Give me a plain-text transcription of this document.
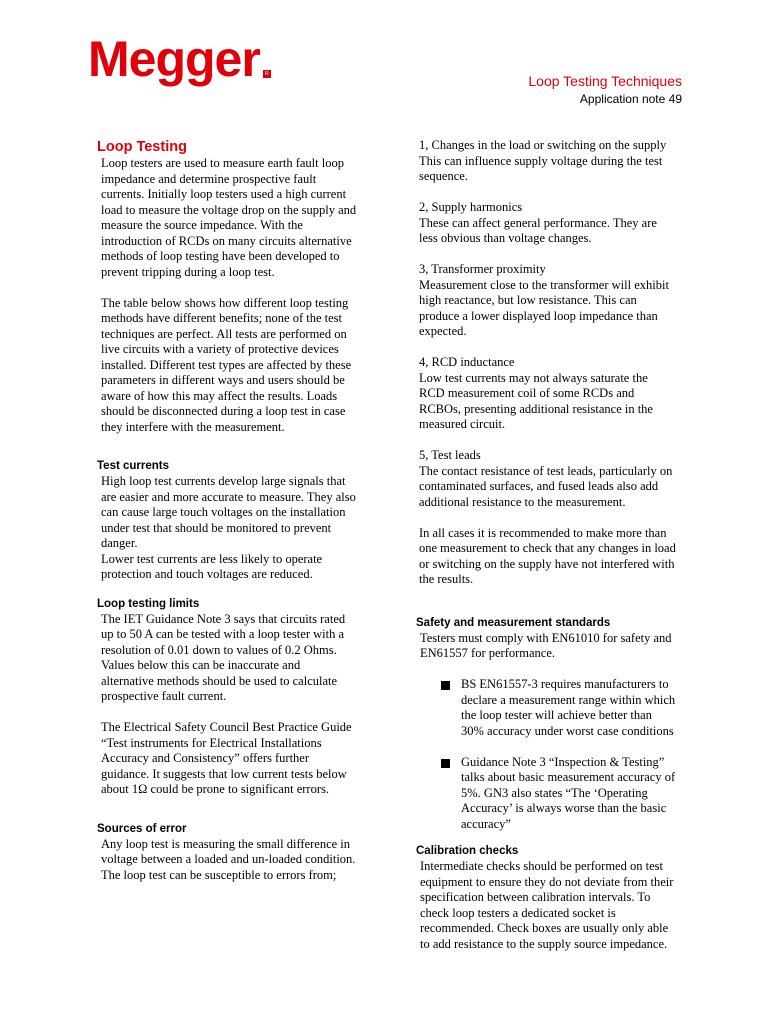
Megger	R	Loop Testing Techniques
Application note 49
Loop Testing

Loop testers are used to measure earth fault loop
impedance and determine prospective fault
currents. Initially loop testers used a high current
load to measure the voltage drop on the supply and
measure the source impedance. With the
introduction of RCDs on many circuits alternative
methods of loop testing have been developed to
prevent tripping during a loop test.

The table below shows how different loop testing
methods have different benefits; none of the test
techniques are perfect. All tests are performed on
live circuits with a variety of protective devices
installed. Different test types are affected by these
parameters in different ways and users should be
aware of how this may affect the results. Loads
should be disconnected during a loop test in case
they interfere with the measurement.

Test currents

High loop test currents develop large signals that
are easier and more accurate to measure. They also
can cause large touch voltages on the installation
under test that should be monitored to prevent
danger.
Lower test currents are less likely to operate
protection and touch voltages are reduced.

Loop testing limits

The IET Guidance Note 3 says that circuits rated
up to 50 A can be tested with a loop tester with a
resolution of 0.01 down to values of 0.2 Ohms.
Values below this can be inaccurate and
alternative methods should be used to calculate
prospective fault current.

The Electrical Safety Council Best Practice Guide
“Test instruments for Electrical Installations
Accuracy and Consistency” offers further
guidance. It suggests that low current tests below
about 1Ω could be prone to significant errors.

Sources of error

Any loop test is measuring the small difference in
voltage between a loaded and un-loaded condition.
The loop test can be susceptible to errors from;

1, Changes in the load or switching on the supply
This can influence supply voltage during the test
sequence.

2, Supply harmonics
These can affect general performance. They are
less obvious than voltage changes.

3, Transformer proximity
Measurement close to the transformer will exhibit
high reactance, but low resistance. This can
produce a lower displayed loop impedance than
expected.

4, RCD inductance
Low test currents may not always saturate the
RCD measurement coil of some RCDs and
RCBOs, presenting additional resistance in the
measured circuit.

5, Test leads
The contact resistance of test leads, particularly on
contaminated surfaces, and fused leads also add
additional resistance to the measurement.

In all cases it is recommended to make more than
one measurement to check that any changes in load
or switching on the supply have not interfered with
the results.

Safety and measurement standards

Testers must comply with EN61010 for safety and
EN61557 for performance.

BS EN61557-3 requires manufacturers to
declare a measurement range within which
the loop tester will achieve better than
30% accuracy under worst case conditions

Guidance Note 3 “Inspection & Testing”
talks about basic measurement accuracy of
5%. GN3 also states “The ‘Operating
Accuracy’ is always worse than the basic
accuracy”

Calibration checks

Intermediate checks should be performed on test
equipment to ensure they do not deviate from their
specification between calibration intervals. To
check loop testers a dedicated socket is
recommended. Check boxes are usually only able
to add resistance to the supply source impedance.
